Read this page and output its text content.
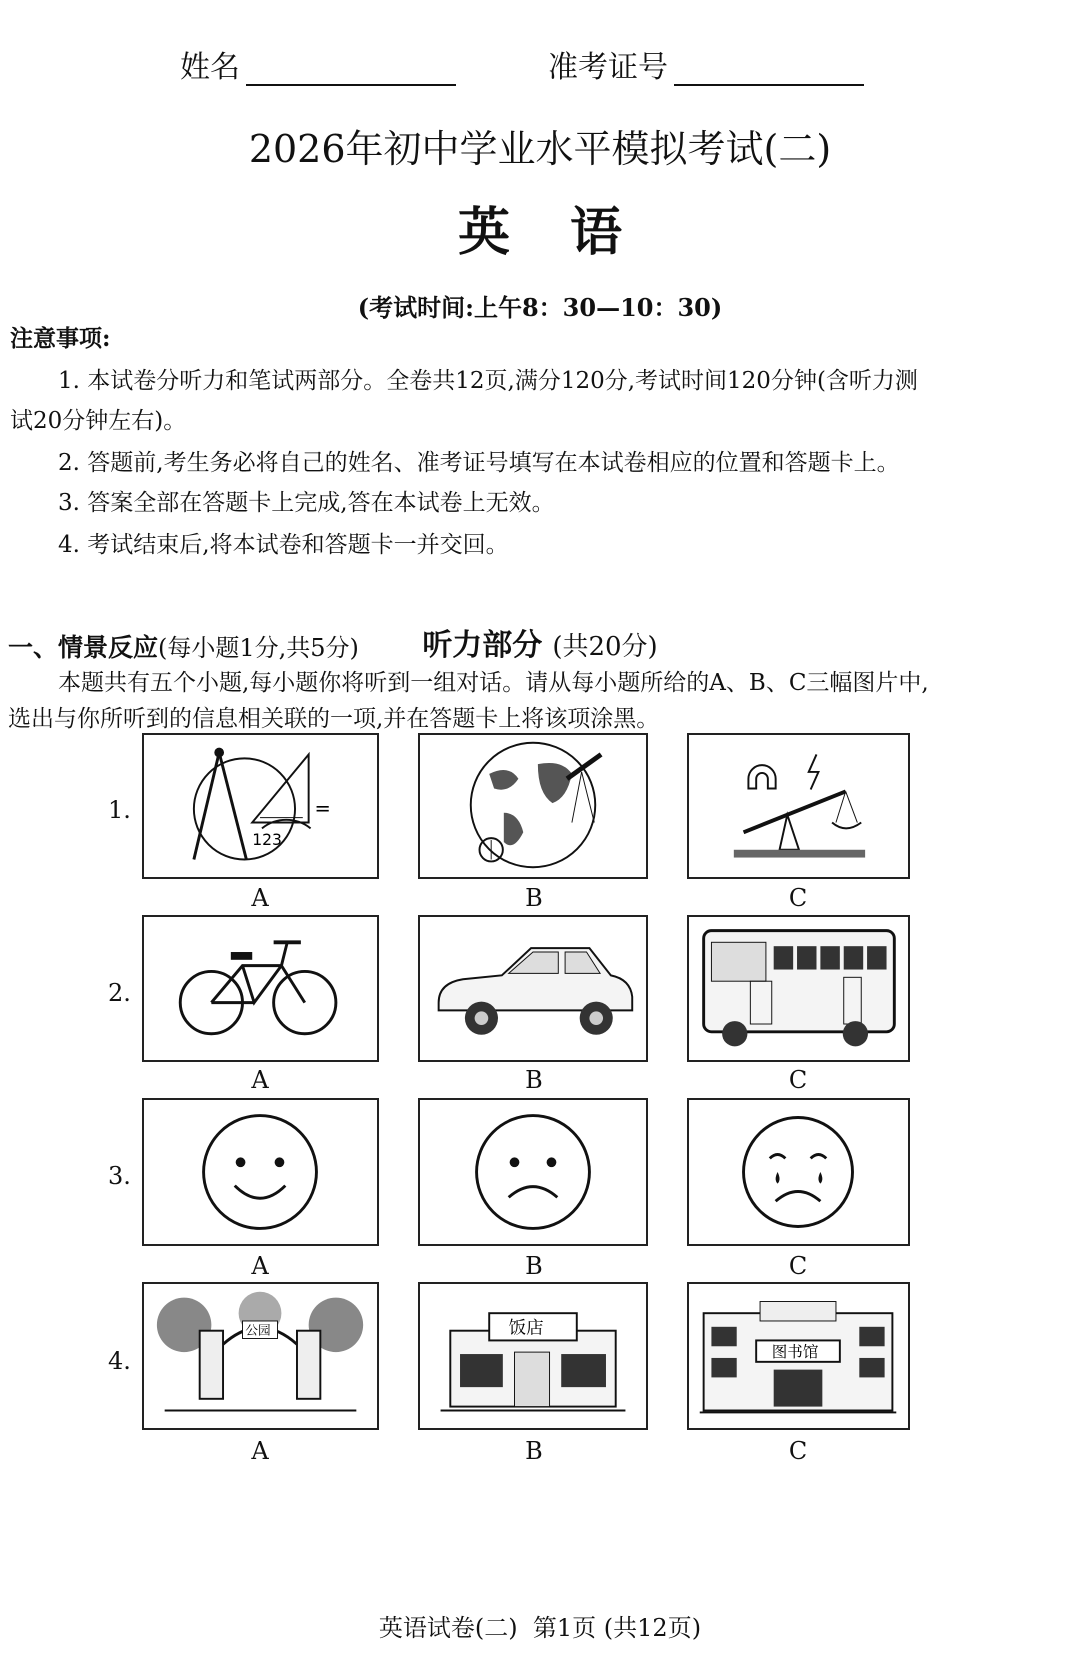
姓名	准考证号
2026年初中学业水平模拟考试(二)
英语
(考试时间:上午8：30—10：30)
注意事项:
1. 本试卷分听力和笔试两部分。全卷共12页,满分120分,考试时间120分钟(含听力测
试20分钟左右)。
2. 答题前,考生务必将自己的姓名、准考证号填写在本试卷相应的位置和答题卡上。
3. 答案全部在答题卡上完成,答在本试卷上无效。
4. 考试结束后,将本试卷和答题卡一并交回。
听力部分 (共20分)
一、情景反应(每小题1分,共5分)
本题共有五个小题,每小题你将听到一组对话。请从每小题所给的A、B、C三幅图片中,
选出与你所听到的信息相关联的一项,并在答题卡上将该项涂黑。
1.
123
=
A	B	C
2.
A	B	C
3.
A	B	C
4.
公园
A
饭店
B
图书馆
C
英语试卷(二)  第1页 (共12页)
